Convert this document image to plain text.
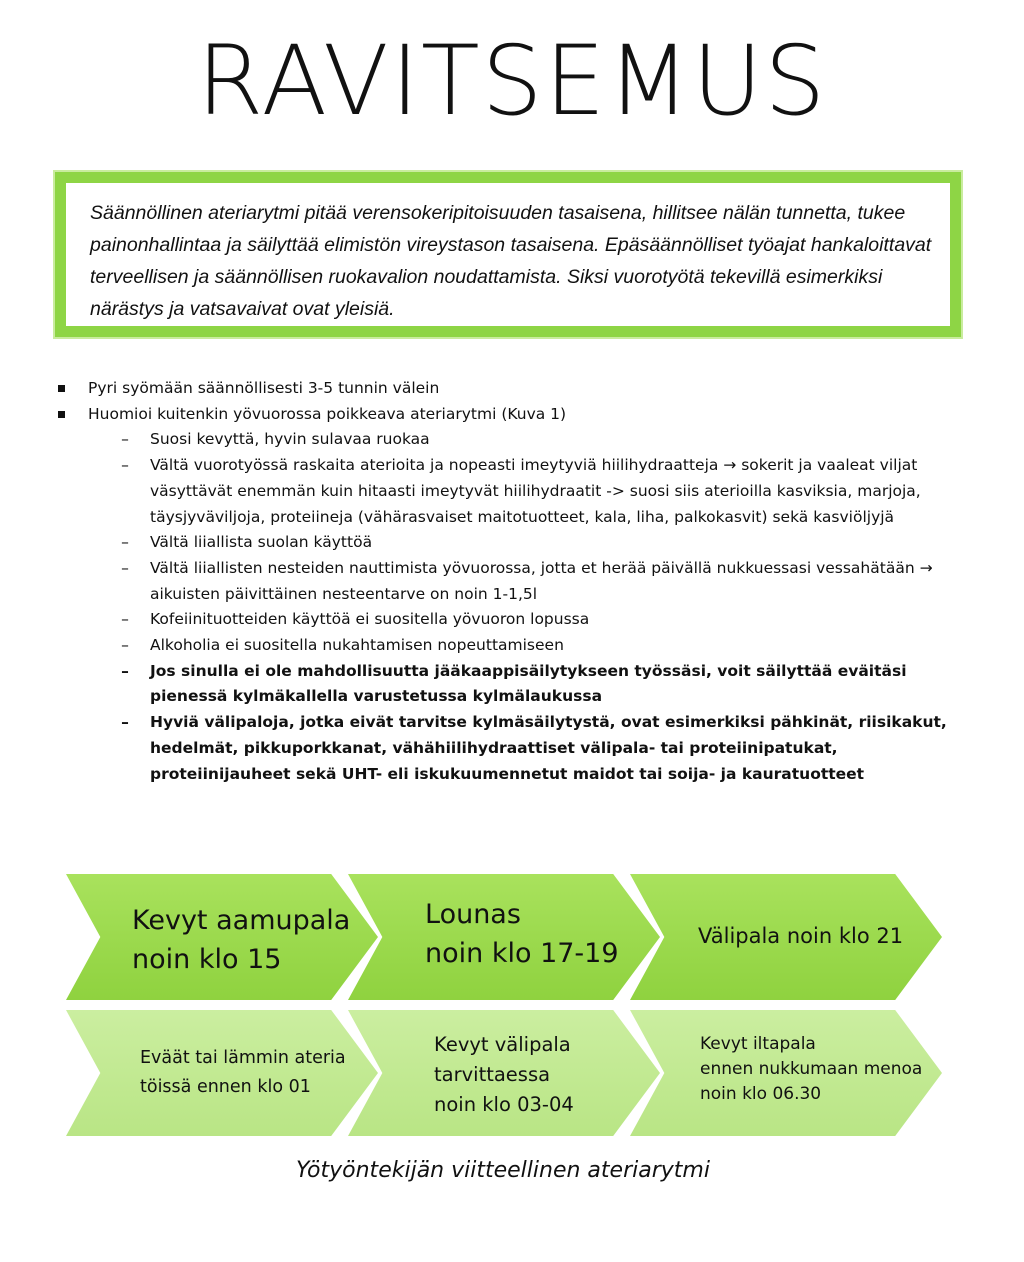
RAVITSEMUS
Säännöllinen ateriarytmi pitää verensokeripitoisuuden tasaisena, hillitsee nälän tunnetta, tukee painonhallintaa ja säilyttää elimistön vireystason tasaisena. Epäsäännölliset työajat hankaloittavat terveellisen ja säännöllisen ruokavalion noudattamista. Siksi vuorotyötä tekevillä esimerkiksi närästys ja vatsavaivat ovat yleisiä.
Pyri syömään säännöllisesti 3-5 tunnin välein
Huomioi kuitenkin yövuorossa poikkeava ateriarytmi (Kuva 1)
– Suosi kevyttä, hyvin sulavaa ruokaa
– Vältä vuorotyössä raskaita aterioita ja nopeasti imeytyviä hiilihydraatteja → sokerit ja vaaleat viljat väsyttävät enemmän kuin hitaasti imeytyvät hiilihydraatit -> suosi siis aterioilla kasviksia, marjoja, täysjyväviljoja, proteiineja (vähärasvaiset maitotuotteet, kala, liha, palkokasvit) sekä kasviöljyjä
– Vältä liiallista suolan käyttöä
– Vältä liiallisten nesteiden nauttimista yövuorossa, jotta et herää päivällä nukkuessasi vessahätään → aikuisten päivittäinen nesteentarve on noin 1-1,5l
– Kofeiinituotteiden käyttöä ei suositella yövuoron lopussa
– Alkoholia ei suositella nukahtamisen nopeuttamiseen
– Jos sinulla ei ole mahdollisuutta jääkaappisäilytykseen työssäsi, voit säilyttää eväitäsi pienessä kylmäkallella varustetussa kylmälaukussa
– Hyviä välipaloja, jotka eivät tarvitse kylmäsäilytystä, ovat esimerkiksi pähkinät, riisikakut, hedelmät, pikkuporkkanat, vähähiilihydraattiset välipala- tai proteiinipatukat, proteiinijauheet sekä UHT- eli iskukuumennetut maidot tai soija- ja kauratuotteet
Kevyt aamupala
noin klo 15
Lounas
noin klo 17-19
Välipala noin klo 21
Eväät tai lämmin ateria
töissä ennen klo 01
Kevyt välipala
tarvittaessa
noin klo 03-04
Kevyt iltapala
ennen nukkumaan menoa
noin klo 06.30
Yötyöntekijän viitteellinen ateriarytmi
